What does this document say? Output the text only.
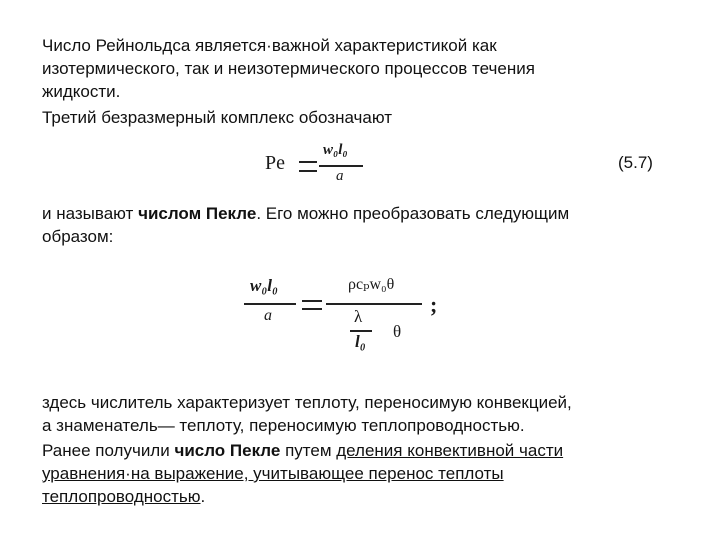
Число Рейнольдса является·важной характеристикой как
изотермического, так и неизотермического процессов течения
жидкости.
Третий безразмерный комплекс обозначают
Pe
w₀l₀
a
(5.7)
и называют числом Пекле. Его можно преобразовать следующим
образом:
w₀l₀
a
ρcₚw₀θ
λ
l₀
θ
;
здесь числитель характеризует теплоту, переносимую конвекцией,
а знаменатель— теплоту, переносимую теплопроводностью.
Ранее получили число Пекле путем деления конвективной части
уравнения·на выражение, учитывающее перенос теплоты
теплопроводностью.
